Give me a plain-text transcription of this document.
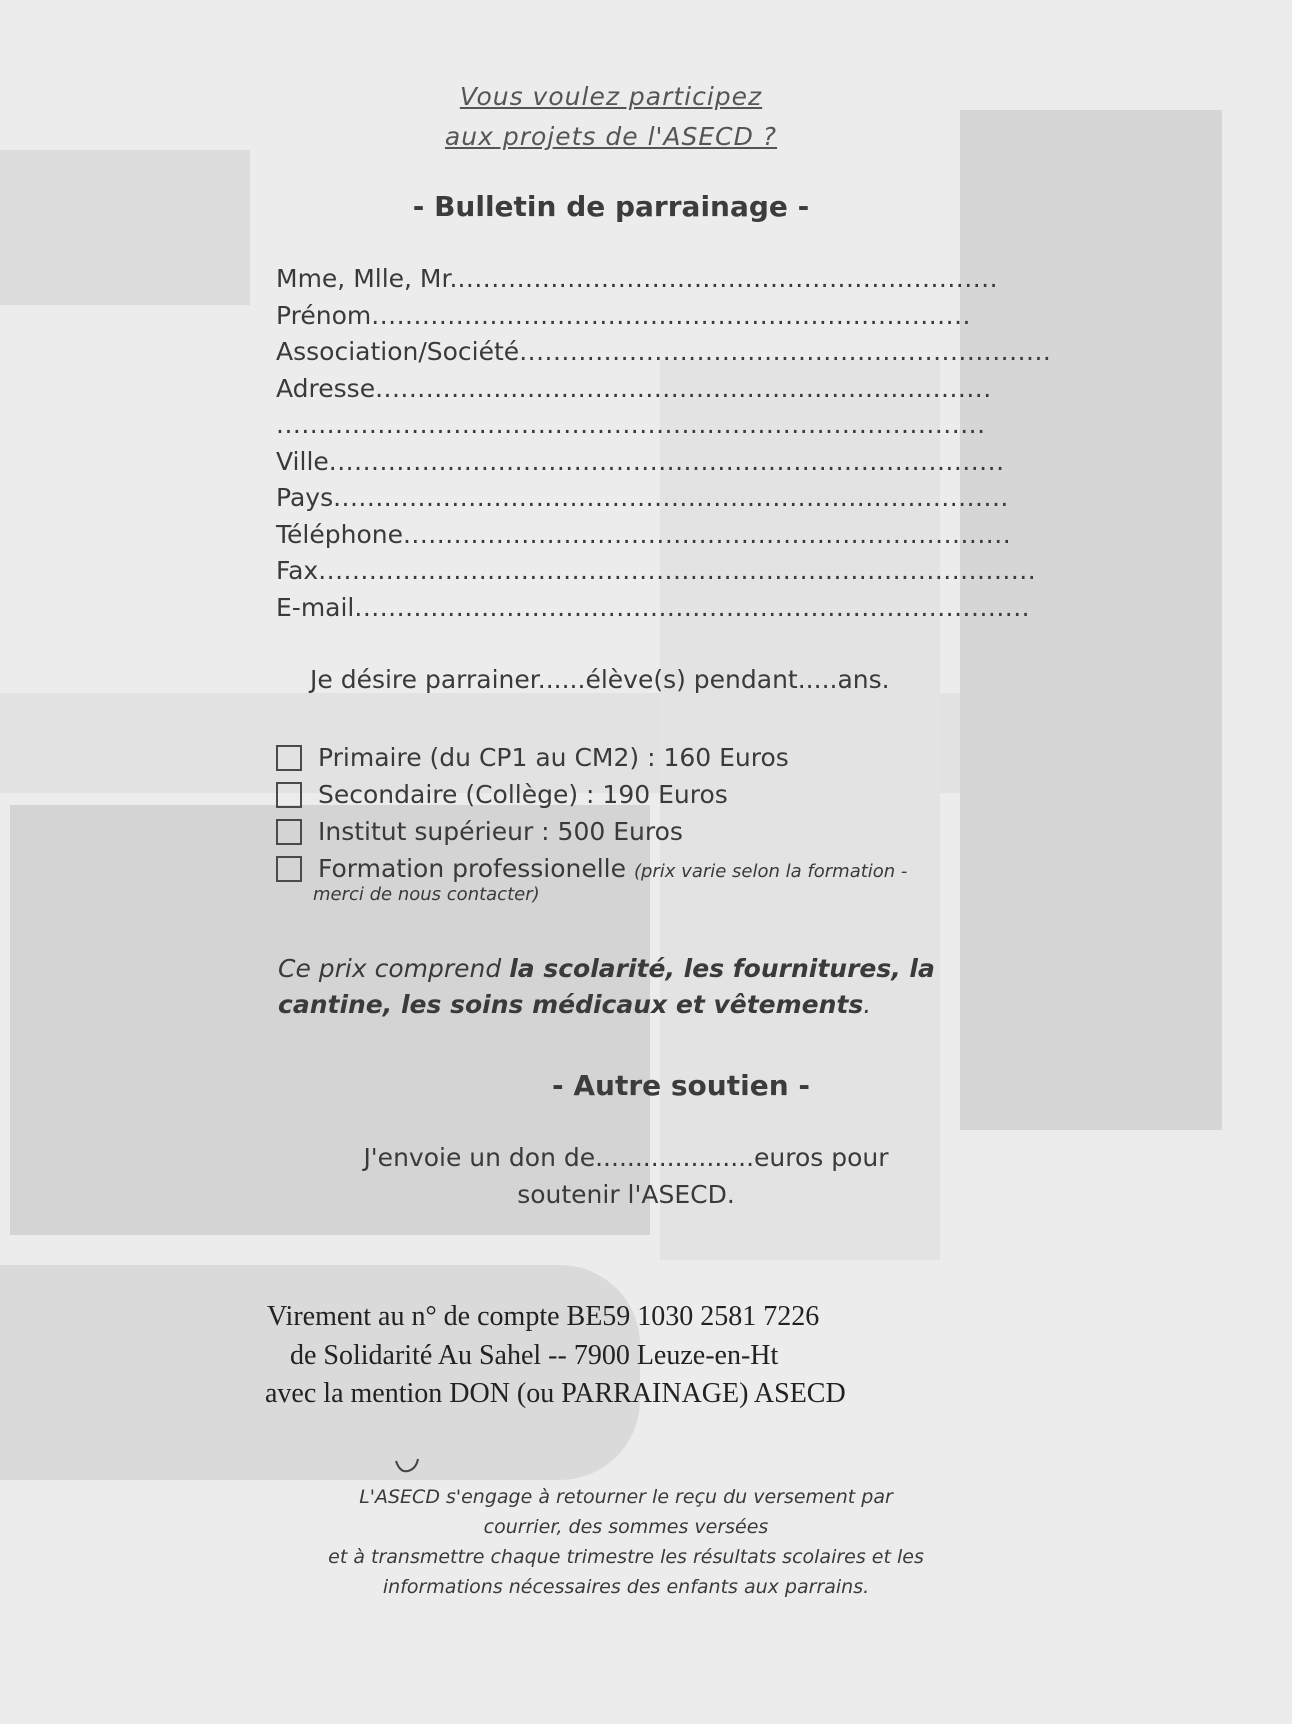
Vous voulez participez
aux projets de l'ASECD ?
- Bulletin de parrainage -
Mme, Mlle, Mr.................................................................
Prénom.......................................................................
Association/Société...............................................................
Adresse.........................................................................
....................................................................................
Ville................................................................................
Pays................................................................................
Téléphone........................................................................
Fax.....................................................................................
E-mail................................................................................
Je désire parrainer......élève(s) pendant.....ans.
Primaire (du CP1 au CM2) : 160 Euros
Secondaire (Collège) : 190 Euros
Institut supérieur : 500 Euros
Formation professionelle (prix varie selon la formation -
merci de nous contacter)
Ce prix comprend la scolarité, les fournitures, la
cantine, les soins médicaux et vêtements.
- Autre soutien -
J'envoie un don de....................euros pour
soutenir l'ASECD.
Virement au n° de compte BE59 1030 2581 7226
de Solidarité Au Sahel -- 7900 Leuze-en-Ht
avec la mention DON (ou PARRAINAGE) ASECD
L'ASECD s'engage à retourner le reçu du versement par
courrier, des sommes versées
et à transmettre chaque trimestre les résultats scolaires et les
informations nécessaires des enfants aux parrains.
